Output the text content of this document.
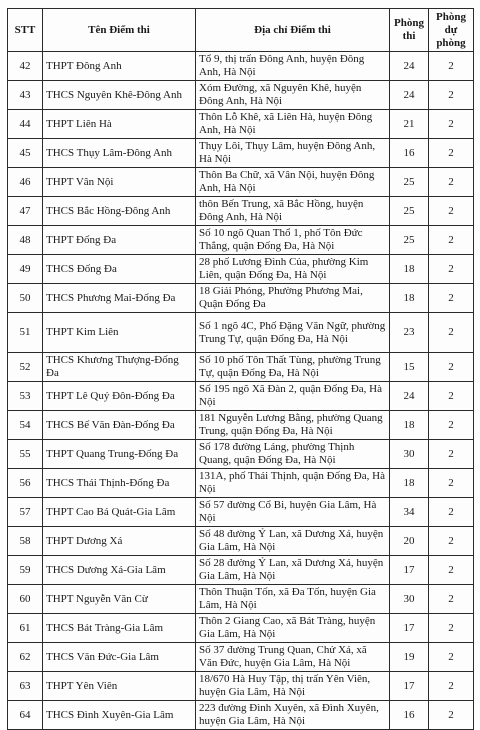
STT	Tên Điểm thi	Địa chỉ Điểm thi	Phòng thi	Phòng dự phòng
42	THPT Đông Anh	Tổ 9, thị trấn Đông Anh, huyện Đông Anh, Hà Nội	24	2
43	THCS Nguyên Khê-Đông Anh	Xóm Đường, xã Nguyên Khê, huyện Đông Anh, Hà Nội	24	2
44	THPT Liên Hà	Thôn Lỗ Khê, xã Liên Hà, huyện Đông Anh, Hà Nội	21	2
45	THCS Thụy Lâm-Đông Anh	Thụy Lôi, Thụy Lâm, huyện Đông Anh, Hà Nội	16	2
46	THPT Vân Nội	Thôn Ba Chữ, xã Vân Nội, huyện Đông Anh, Hà Nội	25	2
47	THCS Bắc Hồng-Đông Anh	thôn Bến Trung, xã Bắc Hồng, huyện Đông Anh, Hà Nội	25	2
48	THPT Đống Đa	Số 10 ngõ Quan Thổ 1, phố Tôn Đức Thắng, quận Đống Đa, Hà Nội	25	2
49	THCS Đống Đa	28 phố Lương Đình Của, phường Kim Liên, quận Đống Đa, Hà Nội	18	2
50	THCS Phương Mai-Đống Đa	18 Giải Phóng, Phường Phương Mai, Quận Đống Đa	18	2
51	THPT Kim Liên	Số 1 ngõ 4C, Phố Đặng Văn Ngữ, phường Trung Tự, quận Đống Đa, Hà Nội	23	2
52	THCS Khương Thượng-Đống Đa	Số 10 phố Tôn Thất Tùng, phường Trung Tự, quận Đống Đa, Hà Nội	15	2
53	THPT Lê Quý Đôn-Đống Đa	Số 195 ngõ Xã Đàn 2, quận Đống Đa, Hà Nội	24	2
54	THCS Bế Văn Đàn-Đống Đa	181 Nguyễn Lương Bằng, phường Quang Trung, quận Đống Đa, Hà Nội	18	2
55	THPT Quang Trung-Đống Đa	Số 178 đường Láng, phường Thịnh Quang, quận Đống Đa, Hà Nội	30	2
56	THCS Thái Thịnh-Đống Đa	131A, phố Thái Thịnh, quận Đống Đa, Hà Nội	18	2
57	THPT Cao Bá Quát-Gia Lâm	Số 57 đường Cổ Bi, huyện Gia Lâm, Hà Nội	34	2
58	THPT Dương Xá	Số 48 đường Ỷ Lan, xã Dương Xá, huyện Gia Lâm, Hà Nội	20	2
59	THCS Dương Xá-Gia Lâm	Số 28 đường Ỷ Lan, xã Dương Xá, huyện Gia Lâm, Hà Nội	17	2
60	THPT Nguyễn Văn Cừ	Thôn Thuận Tốn, xã Đa Tốn, huyện Gia Lâm, Hà Nội	30	2
61	THCS Bát Tràng-Gia Lâm	Thôn 2 Giang Cao, xã Bát Tràng, huyện Gia Lâm, Hà Nội	17	2
62	THCS Văn Đức-Gia Lâm	Số 37 đường Trung Quan, Chử Xá, xã Văn Đức, huyện Gia Lâm, Hà Nội	19	2
63	THPT Yên Viên	18/670 Hà Huy Tập, thị trấn Yên Viên, huyện Gia Lâm, Hà Nội	17	2
64	THCS Đình Xuyên-Gia Lâm	223 đường Đình Xuyên, xã Đình Xuyên, huyện Gia Lâm, Hà Nội	16	2
